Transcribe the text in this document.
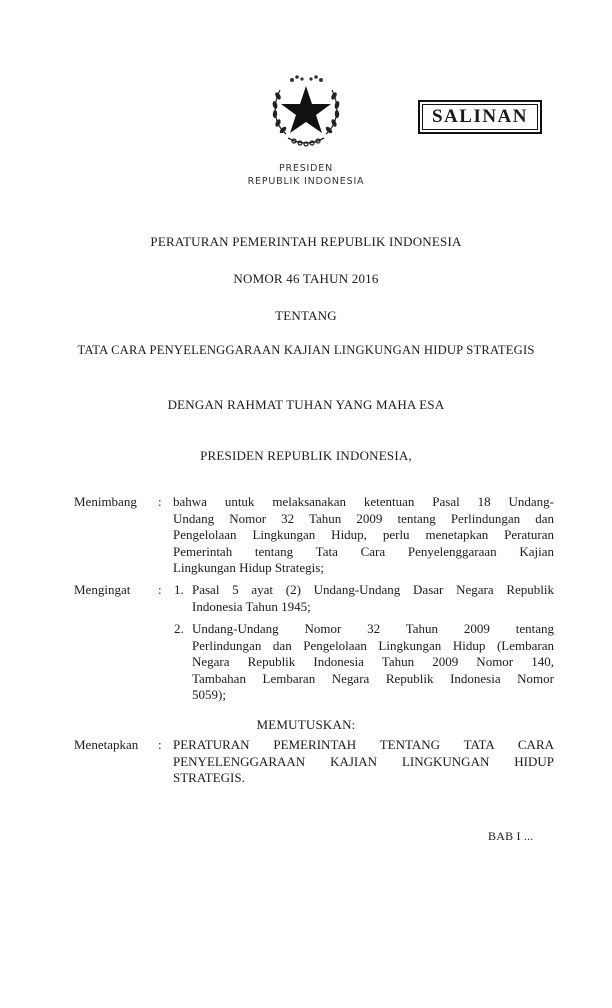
SALINAN
PRESIDEN
REPUBLIK INDONESIA
PERATURAN PEMERINTAH REPUBLIK INDONESIA
NOMOR 46 TAHUN 2016
TENTANG
TATA CARA PENYELENGGARAAN KAJIAN LINGKUNGAN HIDUP STRATEGIS
DENGAN RAHMAT TUHAN YANG MAHA ESA
PRESIDEN REPUBLIK INDONESIA,
Menimbang : bahwa untuk melaksanakan ketentuan Pasal 18 Undang-
Undang Nomor 32 Tahun 2009 tentang Perlindungan dan
Pengelolaan Lingkungan Hidup, perlu menetapkan Peraturan
Pemerintah tentang Tata Cara Penyelenggaraan Kajian
Lingkungan Hidup Strategis;
Mengingat : 1. Pasal 5 ayat (2) Undang-Undang Dasar Negara Republik
Indonesia Tahun 1945;
2. Undang-Undang Nomor 32 Tahun 2009 tentang
Perlindungan dan Pengelolaan Lingkungan Hidup (Lembaran
Negara Republik Indonesia Tahun 2009 Nomor 140,
Tambahan Lembaran Negara Republik Indonesia Nomor
5059);
MEMUTUSKAN:
Menetapkan : PERATURAN PEMERINTAH TENTANG TATA CARA
PENYELENGGARAAN KAJIAN LINGKUNGAN HIDUP
STRATEGIS.
BAB I ...
